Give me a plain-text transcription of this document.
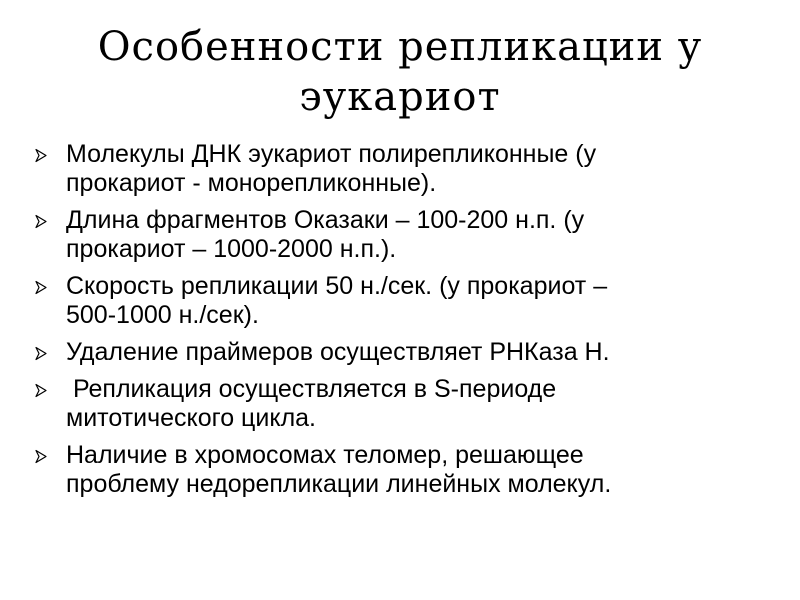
Особенности репликации у
эукариот
Молекулы ДНК эукариот полирепликонные (у
прокариот - монорепликонные).
Длина фрагментов Оказаки – 100-200 н.п. (у
прокариот – 1000-2000 н.п.).
Скорость репликации 50 н./сек. (у прокариот –
500-1000 н./сек).
Удаление праймеров осуществляет РНКаза Н.
Репликация осуществляется в S-периоде
митотического цикла.
Наличие в хромосомах теломер, решающее
проблему недорепликации линейных молекул.
